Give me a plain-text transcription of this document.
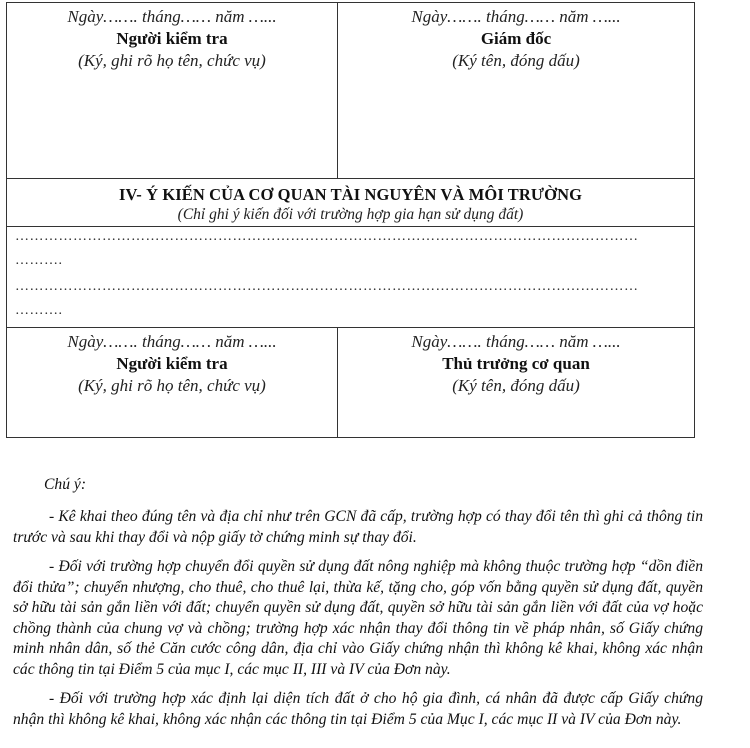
Ngày……. tháng…… năm …...
Người kiểm tra
(Ký, ghi rõ họ tên, chức vụ)
Ngày……. tháng…… năm …...
Giám đốc
(Ký tên, đóng dấu)
IV- Ý KIẾN CỦA CƠ QUAN TÀI NGUYÊN VÀ MÔI TRƯỜNG
(Chỉ ghi ý kiến đối với trường hợp gia hạn sử dụng đất)
…………………………………………………………………………………………………………………
……….
…………………………………………………………………………………………………………………
……….
Ngày……. tháng…… năm …...
Người kiểm tra
(Ký, ghi rõ họ tên, chức vụ)
Ngày……. tháng…… năm …...
Thủ trưởng cơ quan
(Ký tên, đóng dấu)
Chú ý:

- Kê khai theo đúng tên và địa chỉ như trên GCN đã cấp, trường hợp có thay đổi tên thì ghi cả thông tin trước và sau khi thay đổi và nộp giấy tờ chứng minh sự thay đổi.

- Đối với trường hợp chuyển đổi quyền sử dụng đất nông nghiệp mà không thuộc trường hợp “dồn điền đổi thửa”; chuyển nhượng, cho thuê, cho thuê lại, thừa kế, tặng cho, góp vốn bằng quyền sử dụng đất, quyền sở hữu tài sản gắn liền với đất; chuyển quyền sử dụng đất, quyền sở hữu tài sản gắn liền với đất của vợ hoặc chồng thành của chung vợ và chồng; trường hợp xác nhận thay đổi thông tin về pháp nhân, số Giấy chứng minh nhân dân, số thẻ Căn cước công dân, địa chỉ vào Giấy chứng nhận thì không kê khai, không xác nhận các thông tin tại Điểm 5 của mục I, các mục II, III và IV của Đơn này.

- Đối với trường hợp xác định lại diện tích đất ở cho hộ gia đình, cá nhân đã được cấp Giấy chứng nhận thì không kê khai, không xác nhận các thông tin tại Điểm 5 của Mục I, các mục II và IV của Đơn này.
